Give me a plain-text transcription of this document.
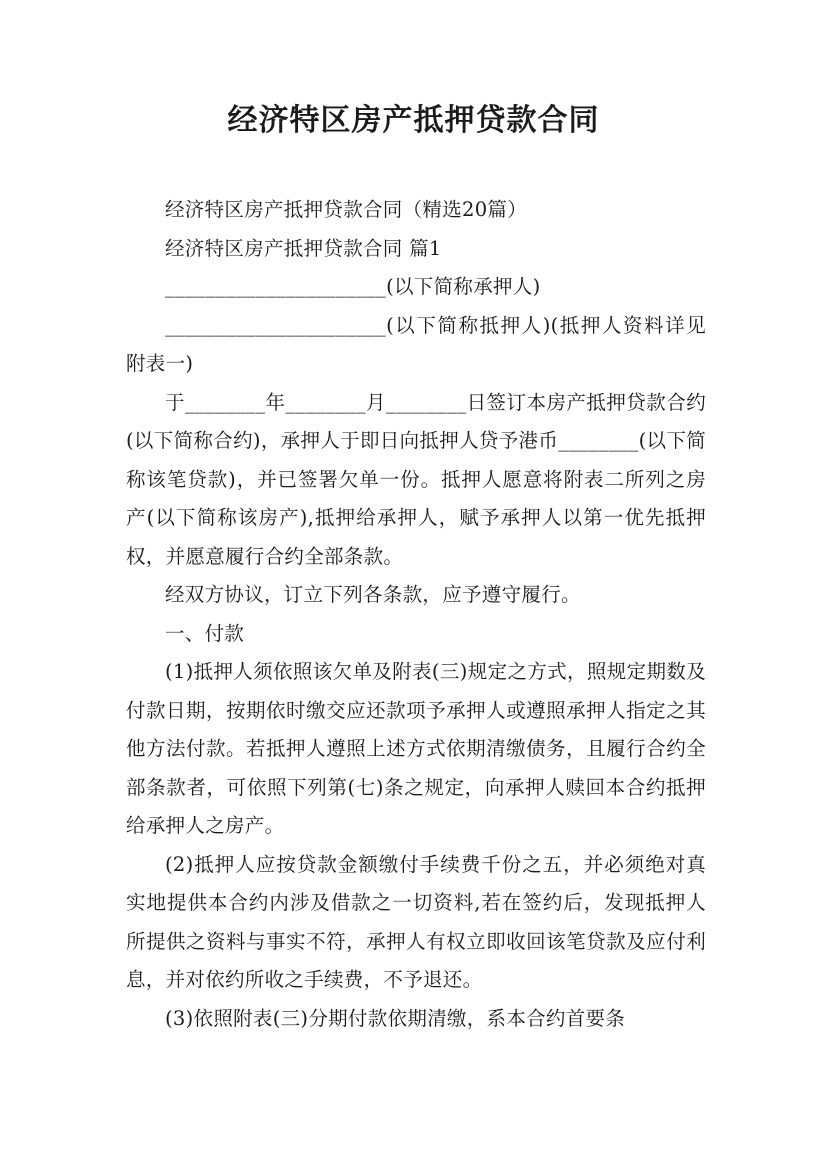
经济特区房产抵押贷款合同

经济特区房产抵押贷款合同（精选20篇）

经济特区房产抵押贷款合同 篇1

______________________(以下简称承押人)

______________________(以下简称抵押人)(抵押人资料详见附表一)

于________年________月________日签订本房产抵押贷款合约(以下简称合约)，承押人于即日向抵押人贷予港币________(以下简称该笔贷款)，并已签署欠单一份。抵押人愿意将附表二所列之房产(以下简称该房产),抵押给承押人，赋予承押人以第一优先抵押权，并愿意履行合约全部条款。

经双方协议，订立下列各条款，应予遵守履行。

一、付款

(1)抵押人须依照该欠单及附表(三)规定之方式，照规定期数及付款日期，按期依时缴交应还款项予承押人或遵照承押人指定之其他方法付款。若抵押人遵照上述方式依期清缴债务，且履行合约全部条款者，可依照下列第(七)条之规定，向承押人赎回本合约抵押给承押人之房产。

(2)抵押人应按贷款金额缴付手续费千份之五，并必须绝对真实地提供本合约内涉及借款之一切资料,若在签约后，发现抵押人所提供之资料与事实不符，承押人有权立即收回该笔贷款及应付利息，并对依约所收之手续费，不予退还。

(3)依照附表(三)分期付款依期清缴，系本合约首要条
